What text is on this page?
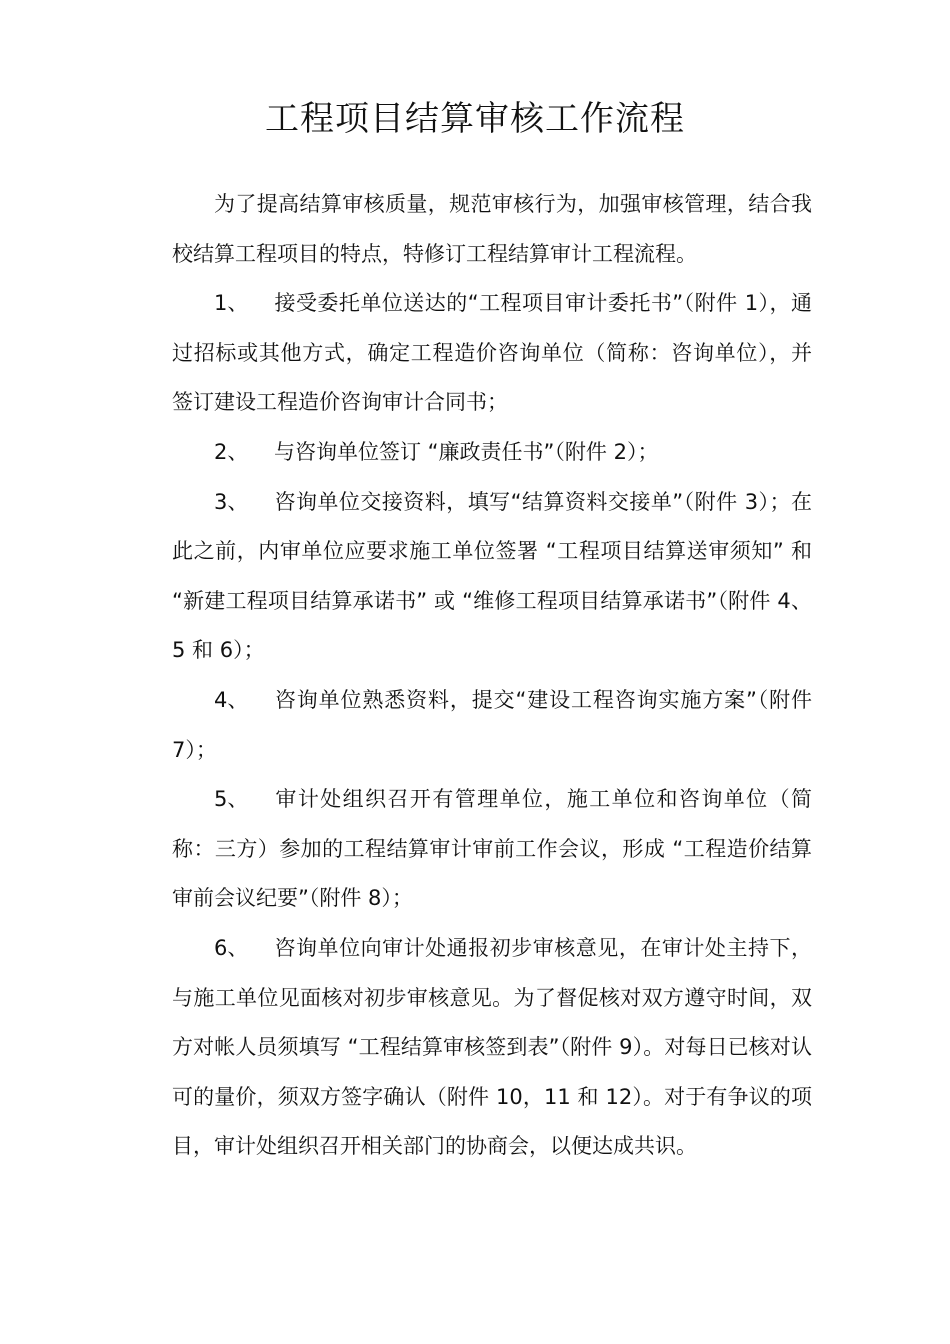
工程项目结算审核工作流程

为了提高结算审核质量，规范审核行为，加强审核管理，结合我校结算工程项目的特点，特修订工程结算审计工程流程。

1、 接受委托单位送达的“工程项目审计委托书”（附件 1），通过招标或其他方式，确定工程造价咨询单位（简称：咨询单位），并签订建设工程造价咨询审计合同书；

2、 与咨询单位签订 “廉政责任书”（附件 2）；

3、 咨询单位交接资料，填写“结算资料交接单”（附件 3）；在此之前，内审单位应要求施工单位签署 “工程项目结算送审须知” 和 “新建工程项目结算承诺书” 或 “维修工程项目结算承诺书”（附件 4、5 和 6）；

4、 咨询单位熟悉资料，提交“建设工程咨询实施方案”（附件 7）；

5、 审计处组织召开有管理单位，施工单位和咨询单位（简称：三方）参加的工程结算审计审前工作会议，形成 “工程造价结算审前会议纪要”（附件 8）；

6、 咨询单位向审计处通报初步审核意见，在审计处主持下，与施工单位见面核对初步审核意见。为了督促核对双方遵守时间，双方对帐人员须填写 “工程结算审核签到表”（附件 9）。对每日已核对认可的量价，须双方签字确认（附件 10，11 和 12）。对于有争议的项目，审计处组织召开相关部门的协商会，以便达成共识。
